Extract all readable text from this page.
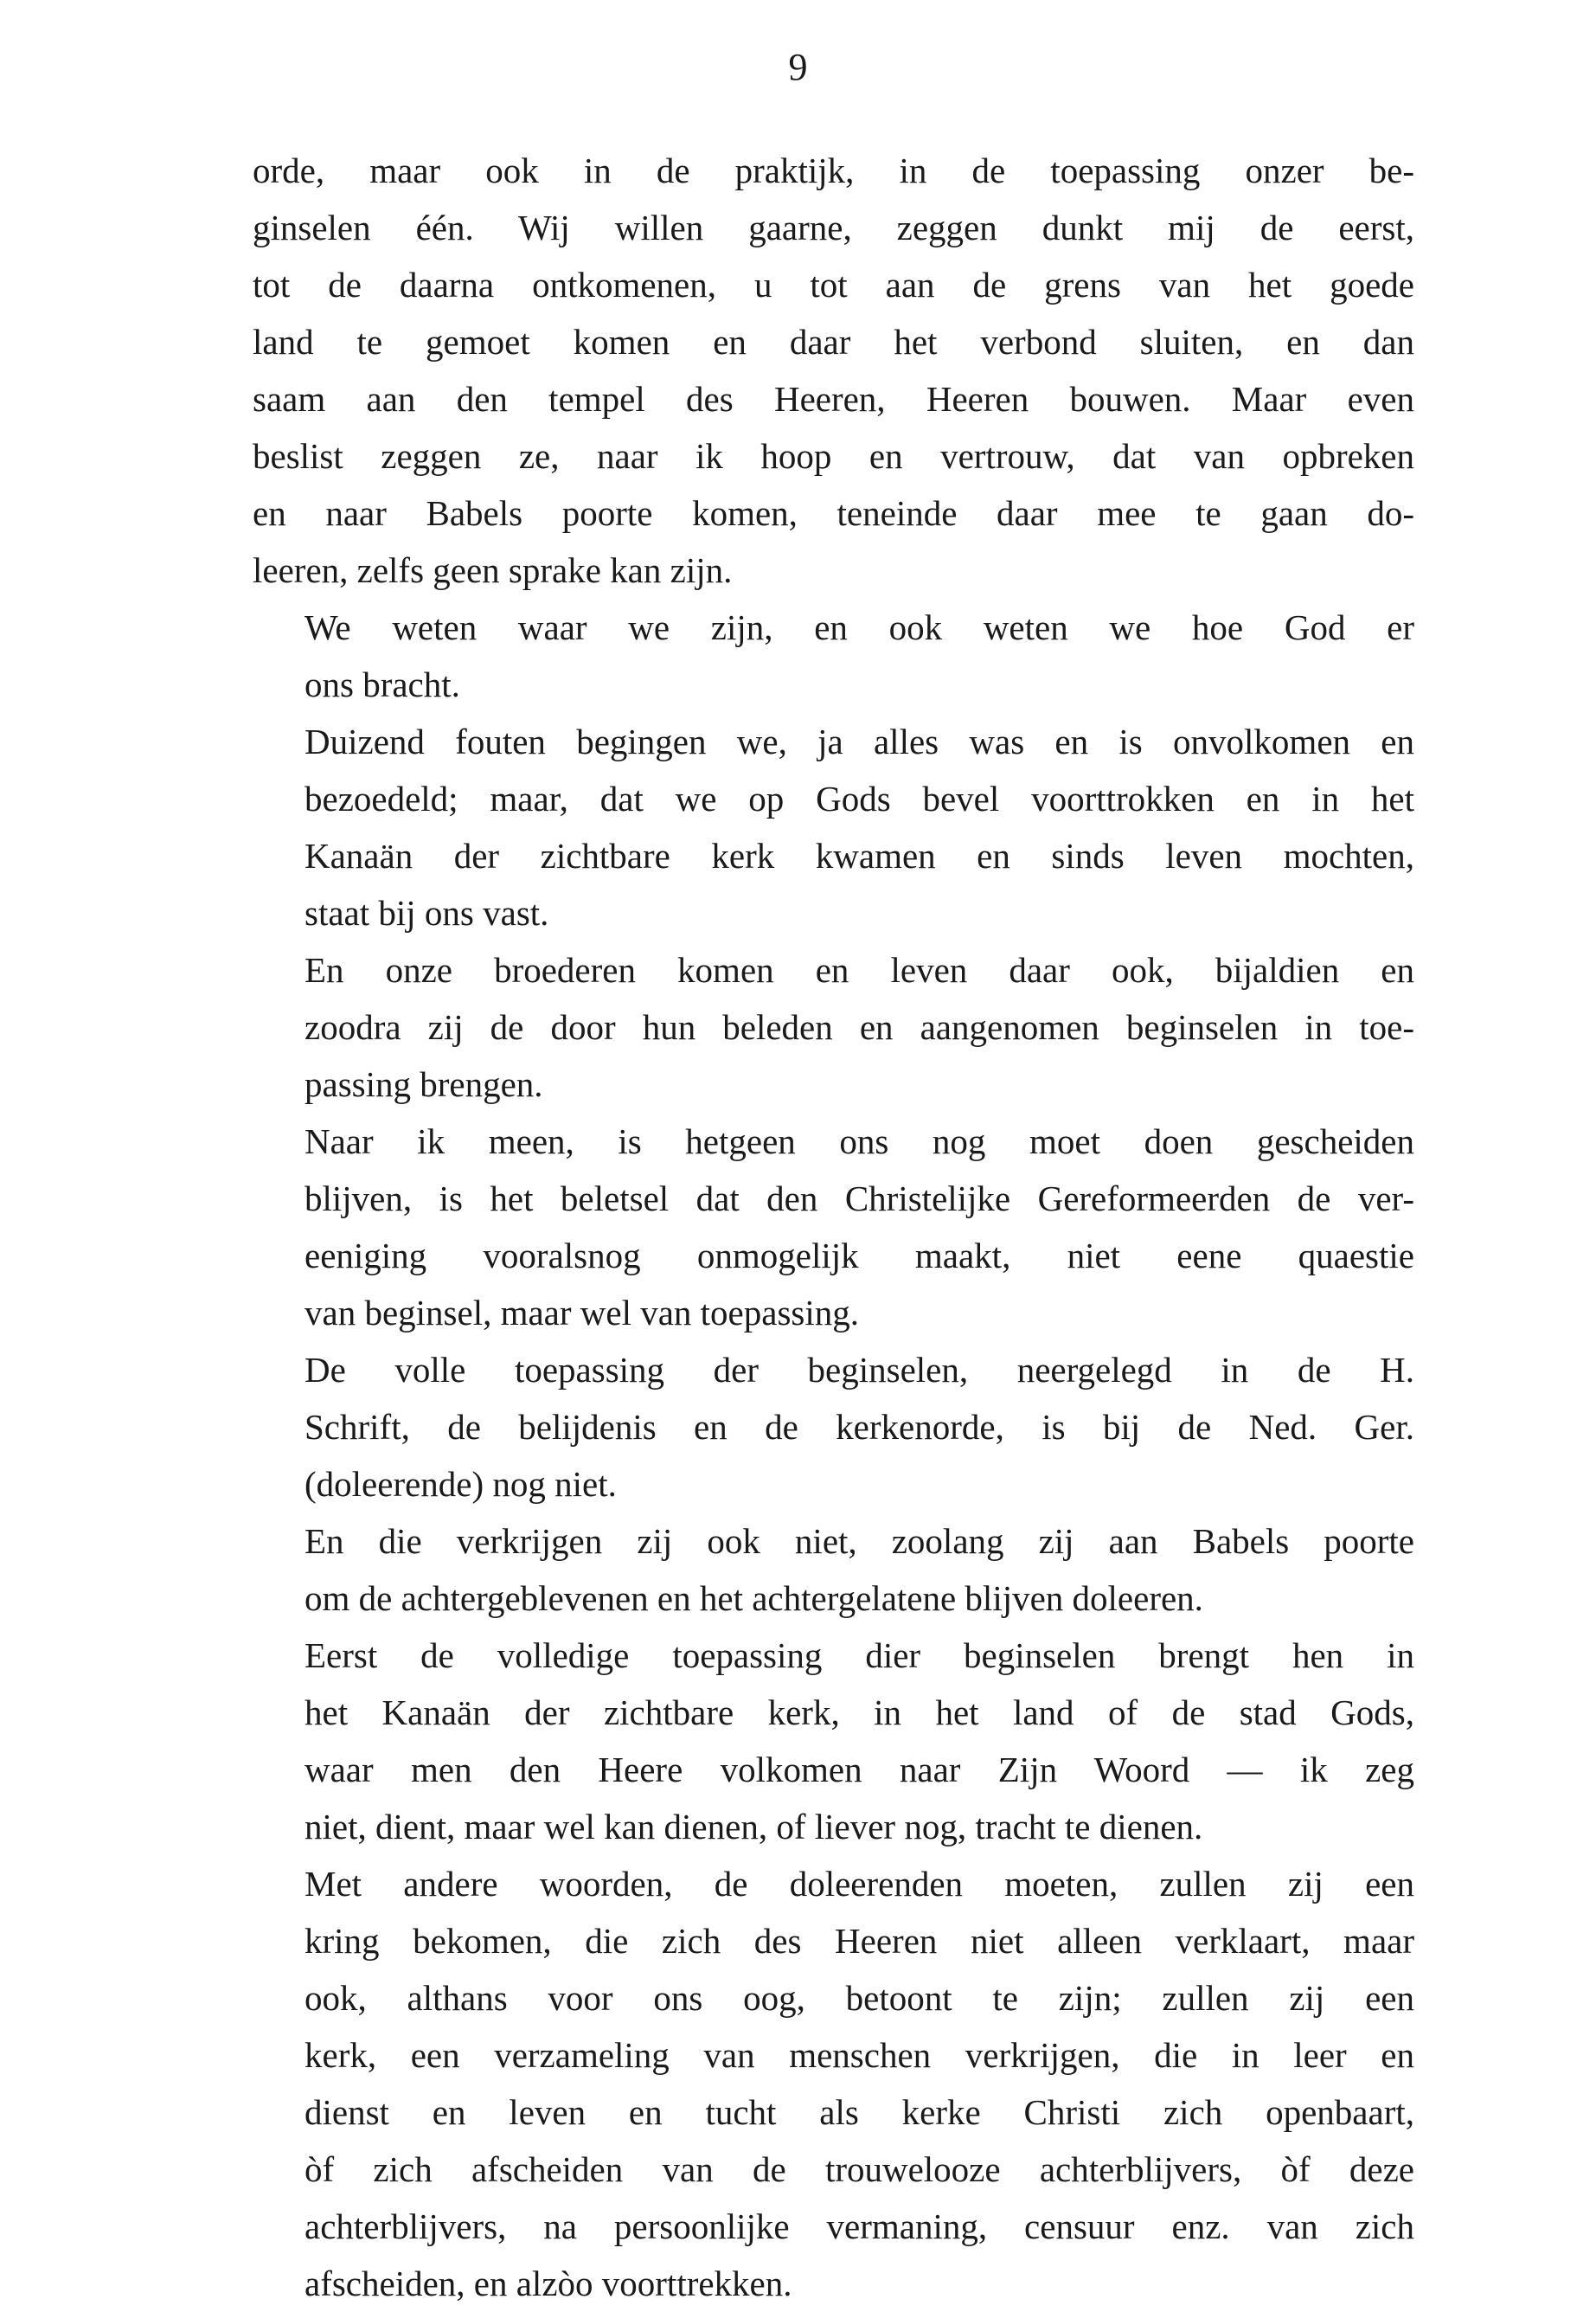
9

orde, maar ook in de praktijk, in de toepassing onzer be-
ginselen één. Wij willen gaarne, zeggen dunkt mij de eerst,
tot de daarna ontkomenen, u tot aan de grens van het goede
land te gemoet komen en daar het verbond sluiten, en dan
saam aan den tempel des Heeren, Heeren bouwen. Maar even
beslist zeggen ze, naar ik hoop en vertrouw, dat van opbreken
en naar Babels poorte komen, teneinde daar mee te gaan do-
leeren, zelfs geen sprake kan zijn.

We weten waar we zijn, en ook weten we hoe God er
ons bracht.

Duizend fouten begingen we, ja alles was en is onvolkomen en
bezoedeld; maar, dat we op Gods bevel voorttrokken en in het
Kanaän der zichtbare kerk kwamen en sinds leven mochten,
staat bij ons vast.

En onze broederen komen en leven daar ook, bijaldien en
zoodra zij de door hun beleden en aangenomen beginselen in toe-
passing brengen.

Naar ik meen, is hetgeen ons nog moet doen gescheiden
blijven, is het beletsel dat den Christelijke Gereformeerden de ver-
eeniging vooralsnog onmogelijk maakt, niet eene quaestie
van beginsel, maar wel van toepassing.

De volle toepassing der beginselen, neergelegd in de H.
Schrift, de belijdenis en de kerkenorde, is bij de Ned. Ger.
(doleerende) nog niet.

En die verkrijgen zij ook niet, zoolang zij aan Babels poorte
om de achtergeblevenen en het achtergelatene blijven doleeren.

Eerst de volledige toepassing dier beginselen brengt hen in
het Kanaän der zichtbare kerk, in het land of de stad Gods,
waar men den Heere volkomen naar Zijn Woord — ik zeg
niet, dient, maar wel kan dienen, of liever nog, tracht te dienen.

Met andere woorden, de doleerenden moeten, zullen zij een
kring bekomen, die zich des Heeren niet alleen verklaart, maar
ook, althans voor ons oog, betoont te zijn; zullen zij een
kerk, een verzameling van menschen verkrijgen, die in leer en
dienst en leven en tucht als kerke Christi zich openbaart,
òf zich afscheiden van de trouwelooze achterblijvers, òf deze
achterblijvers, na persoonlijke vermaning, censuur enz. van zich
afscheiden, en alzòo voorttrekken.
